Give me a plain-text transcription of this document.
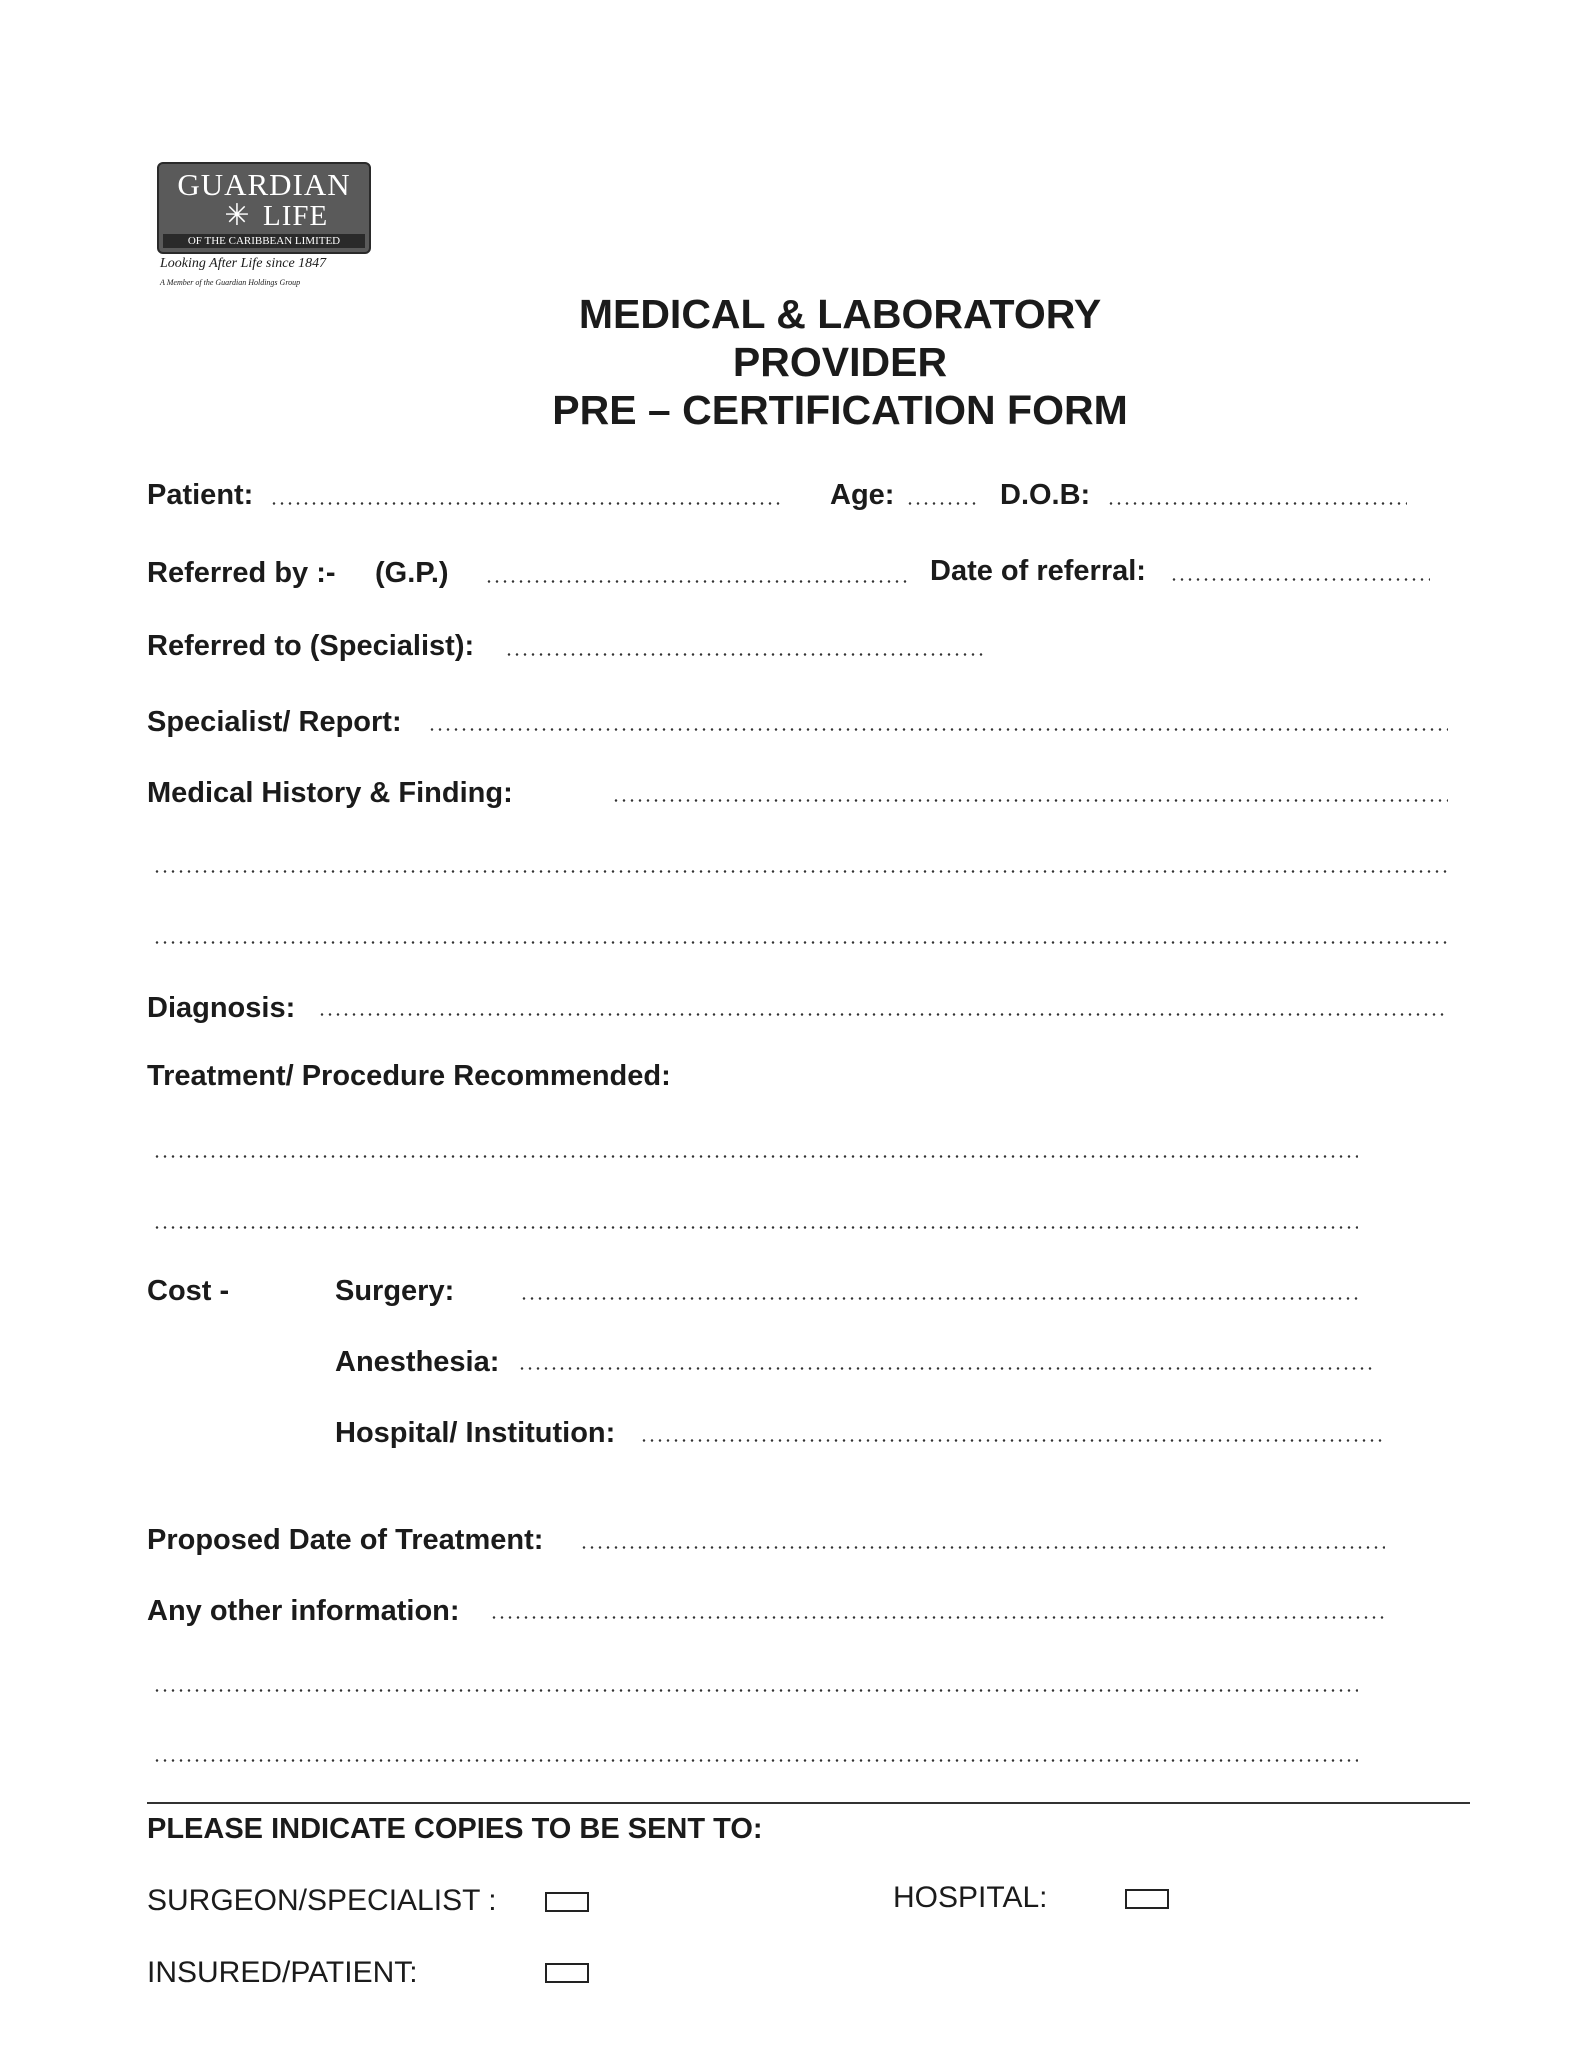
GUARDIAN
✳ LIFE
OF THE CARIBBEAN LIMITED
Looking After Life since 1847
A Member of the Guardian Holdings Group
MEDICAL & LABORATORY
PROVIDER
PRE – CERTIFICATION FORM
Patient:	Age:	D.O.B:
Referred by :- (G.P.)	Date of referral:
Referred to (Specialist):
Specialist/ Report:
Medical History & Finding:
Diagnosis:
Treatment/ Procedure Recommended:
Cost -	Surgery:
Anesthesia:
Hospital/ Institution:
Proposed Date of Treatment:
Any other information:
PLEASE INDICATE COPIES TO BE SENT TO:
SURGEON/SPECIALIST :	HOSPITAL:
INSURED/PATIENT:
